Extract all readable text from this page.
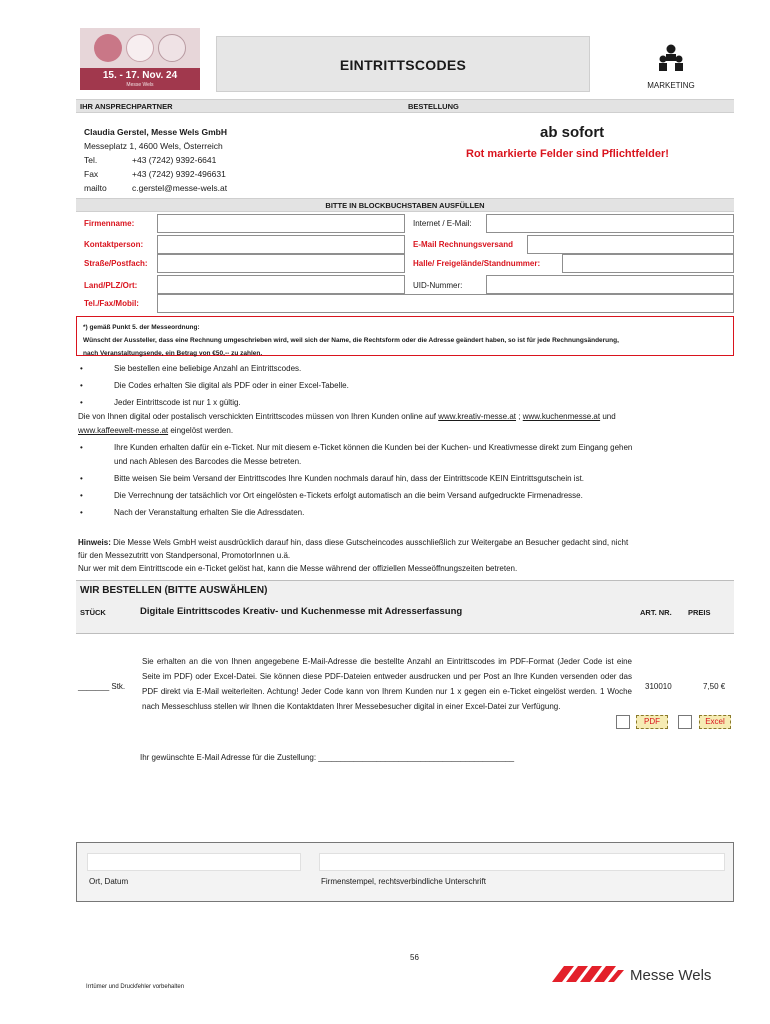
15. - 17. Nov. 24
Messe Wels
EINTRITTSCODES
MARKETING
IHR ANSPRECHPARTNER	BESTELLUNG
Claudia Gerstel, Messe Wels GmbH
Messeplatz 1, 4600 Wels, Österreich
Tel.	+43 (7242) 9392-6641
Fax	+43 (7242) 9392-496631
mailto	c.gerstel@messe-wels.at
ab sofort
Rot markierte Felder sind Pflichtfelder!
BITTE IN BLOCKBUCHSTABEN AUSFÜLLEN
Firmenname:	Internet / E-Mail:
Kontaktperson:	E-Mail Rechnungsversand
Straße/Postfach:	Halle/ Freigelände/Standnummer:
Land/PLZ/Ort:	UID-Nummer:
Tel./Fax/Mobil:
*) gemäß Punkt 5. der Messeordnung:
Wünscht der Aussteller, dass eine Rechnung umgeschrieben wird, weil sich der Name, die Rechtsform oder die Adresse geändert haben, so ist für jede Rechnungsänderung,
nach Veranstaltungsende, ein Betrag von €50,-- zu zahlen.
•	Sie bestellen eine beliebige Anzahl an Eintrittscodes.
•	Die Codes erhalten Sie digital als PDF oder in einer Excel-Tabelle.
•	Jeder Eintrittscode ist nur 1 x gültig.
Die von Ihnen digital oder postalisch verschickten Eintrittscodes müssen von Ihren Kunden online auf www.kreativ-messe.at ; www.kuchenmesse.at und
www.kaffeewelt-messe.at eingelöst werden.
•	Ihre Kunden erhalten dafür ein e-Ticket. Nur mit diesem e-Ticket können die Kunden bei der Kuchen- und Kreativmesse direkt zum Eingang gehen
und nach Ablesen des Barcodes die Messe betreten.
•	Bitte weisen Sie beim Versand der Eintrittscodes Ihre Kunden nochmals darauf hin, dass der Eintrittscode KEIN Eintrittsgutschein ist.
•	Die Verrechnung der tatsächlich vor Ort eingelösten e-Tickets erfolgt automatisch an die beim Versand aufgedruckte Firmenadresse.
•	Nach der Veranstaltung erhalten Sie die Adressdaten.
Hinweis: Die Messe Wels GmbH weist ausdrücklich darauf hin, dass diese Gutscheincodes ausschließlich zur Weitergabe an Besucher gedacht sind, nicht
für den Messezutritt von Standpersonal, PromotorInnen u.ä.
Nur wer mit dem Eintrittscode ein e-Ticket gelöst hat, kann die Messe während der offiziellen Messeöffnungszeiten betreten.
WIR BESTELLEN (BITTE AUSWÄHLEN)
STÜCK	Digitale Eintrittscodes Kreativ- und Kuchenmesse mit Adresserfassung	ART. NR. PREIS
Sie erhalten an die von Ihnen angegebene E-Mail-Adresse die bestellte Anzahl an Eintrittscodes im PDF-Format (Jeder Code ist eine Seite im PDF) oder Excel-Datei. Sie können diese PDF-Dateien entweder ausdrucken und per Post an Ihre Kunden versenden oder das PDF direkt via E-Mail weiterleiten. Achtung! Jeder Code kann von Ihrem Kunden nur 1 x gegen ein e-Ticket eingelöst werden. 1 Woche nach Messeschluss stellen wir Ihnen die Kontaktdaten Ihrer Messebesucher digital in einer Excel-Datei zur Verfügung.
_______ Stk.	310010	7,50 €
PDF	Excel
Ihr gewünschte E-Mail Adresse für die Zustellung: ____________________________________________
Ort, Datum	Firmenstempel, rechtsverbindliche Unterschrift
56
Irrtümer und Druckfehler vorbehalten
Messe Wels
